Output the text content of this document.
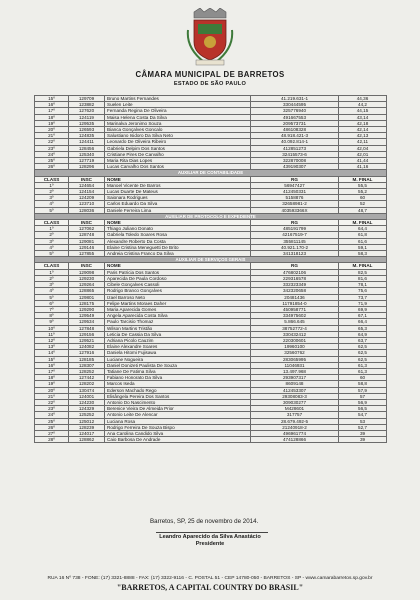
CÂMARA MUNICIPAL DE BARRETOS
ESTADO DE SÃO PAULO
15º	129709	Bruno Martins Fernandes	41.219.631-1	44,36
16º	123882	Suelen Leite	330444595	44,2
17º	127620	Fernanda Regina De Oliveira	325776940	44,15
18º	124119	Maisa Helena Costa Da Silva	491667553	43,14
19º	129535	Marinalva Jeronimo Souza	209573731	42,18
20º	126593	Bianca Gonçalves Goncalo	486108328	42,14
21º	124835	Salustiano Isidoro Da Silva Neto	48.918.421-3	42,13
22º	124411	Leonardo De Oliveira Ribeiro	40.092.814-1	42,11
23º	128456	Gabriela Delpim Dos Santos	412851273	42,04
24º	125340	Cristiane Pires De Carvalho	32415573-6	42,01
25º	127719	Maria Rita Dias Lopes	322870008	41,44
26º	128296	Lucas Carvalho Dos Santos	439190307	41,16
AUXILIAR DE CONTABILIDADE				
CLASS	INSC	NOME	RG	M. FINAL
1º	124654	Manoel Vicente De Barros	56947427	55,5
2º	124154	Lucas Duarte De Mateus	412450331	55,2
3º	124209	Saionara Rodrigues	5158876	60
4º	123710	Carlos Eduardo Da Silva	32658981-2	52
5º	128036	Daniele Ferreira Lima	403593366X	48,7
AUXILIAR DE PROTOCOLO E EXPEDIENTE				
CLASS	INSC	NOME	RG	M. FINAL
1º	127062	Thiago Juliano Donato	485191799	64,4
2º	128748	Gabriela Toledo Soares Rosa	42167519-7	61,8
3º	129081	Alexandre Roberto Da Costa	355811145	61,6
4º	129146	Elaine Cristina Meneguetti De Brito	40.921.170-2	59,1
5º	127855	Andreia Cristina Franco Da Silva	341318123	58,3
AUXILIAR DE SERVIÇOS GERAIS				
CLASS	INSC	NOME	RG	M. FINAL
1º	129098	Paris Patricia Dos Santos	476802106	82,5
2º	129230	Aparecida De Paula Cordoso	229316578	81,6
3º	129264	Cibele Gonçalves Cassoli	332323349	78,1
4º	128865	Rodrigo Branco Gonçalves	342320658	75,6
5º	129801	Izael Barroso Neto	20481436	73,7
6º	128175	Felipe Martins Moraes Daher	11791854-0	71,9
7º	129290	Maria Aparecida Gomes	450958771	69,9
8º	129549	Angela Aparecida Costa Silva	334975602	67,1
9º	129534	Paulo Tarcisio Thomaz	5.866.645	66,4
10º	127848	Wilson Martins Tristão	38752772-4	65,3
11º	129156	Leticia De Cassia Da Silva	330432412	64,9
12º	129521	Adriana Picolo Cauzim	220300601	63,7
13º	124082	Elaine Alexandre Soares	19960100	62,5
14º	127916	Daniela Hitomi Fujisawa	32560762	62,5
15º	128185	Luciane Nogueira	283065995	62,5
16º	128307	Daniel Donizeti Paulista De Souza	11046931	61,3
17º	128252	Tatiane De Fatima Silva	13.497.968	61,3
18º	127442	Fabiano Honorato Da Silva	293907317	60
19º	128202	Marcos Iseda	8609148	58,8
20º	130474	Ederson Machado Rego	412453307	57,9
21º	124001	Elisângela Pereira Dos Santos	29308083-3	57
22º	124230	Antonio Do Nascimento	309030277	56,9
23º	124329	Berenice Vieira De Almeida Prior	M428601	56,5
24º	125252	Antonio Leite De Alencar	317757	54,7
25º	125012	Luciana Rosa	28.679.492-5	53
26º	128239	Rodrigo Ferreira De Souza Bispo	21240918-2	52,7
27º	124017	Ana Carolina Candido Silva	496961774	39
28º	128862	Caio Barbosa De Andrade	474128866	39
Barretos, SP, 25 de novembro de 2014.
Leandro Aparecido da Silva Anastácio
Presidente
RUA 16 Nº 738 - FONE: (17) 3321-8888 - FAX: (17) 3322-9116 - C. POSTAL 51 - CEP 14780-050 - BARRETOS - SP - www.camarabarretos.sp.gov.br
"BARRETOS, A CAPITAL COUNTRY DO BRASIL"
